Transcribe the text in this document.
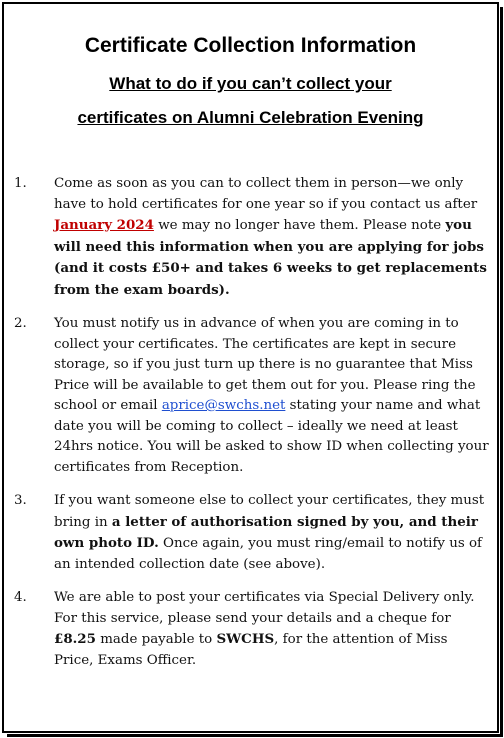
Certificate Collection Information
What to do if you can’t collect your
certificates on Alumni Celebration Evening
1. Come as soon as you can to collect them in person—we only have to hold certificates for one year so if you contact us after January 2024 we may no longer have them. Please note you will need this information when you are applying for jobs (and it costs £50+ and takes 6 weeks to get replacements from the exam boards).

2. You must notify us in advance of when you are coming in to collect your certificates. The certificates are kept in secure storage, so if you just turn up there is no guarantee that Miss Price will be available to get them out for you. Please ring the school or email aprice@swchs.net stating your name and what date you will be coming to collect – ideally we need at least 24hrs notice. You will be asked to show ID when collecting your certificates from Reception.

3. If you want someone else to collect your certificates, they must bring in a letter of authorisation signed by you, and their own photo ID. Once again, you must ring/email to notify us of an intended collection date (see above).

4. We are able to post your certificates via Special Delivery only. For this service, please send your details and a cheque for £8.25 made payable to SWCHS, for the attention of Miss Price, Exams Officer.
